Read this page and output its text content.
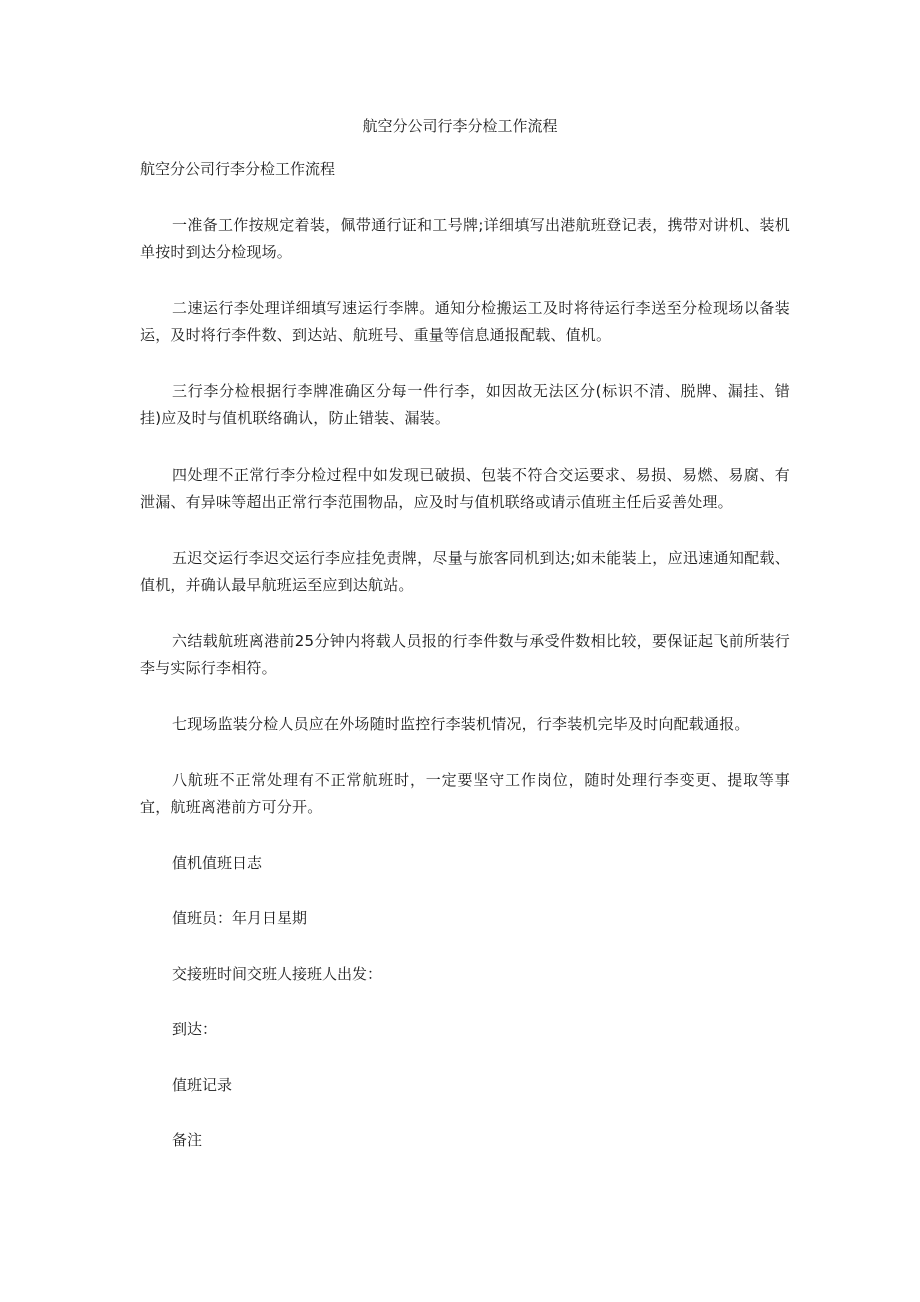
航空分公司行李分检工作流程
航空分公司行李分检工作流程

一准备工作按规定着装，佩带通行证和工号牌;详细填写出港航班登记表，携带对讲机、装机单按时到达分检现场。

二速运行李处理详细填写速运行李牌。通知分检搬运工及时将待运行李送至分检现场以备装运，及时将行李件数、到达站、航班号、重量等信息通报配载、值机。

三行李分检根据行李牌准确区分每一件行李，如因故无法区分(标识不清、脱牌、漏挂、错挂)应及时与值机联络确认，防止错装、漏装。

四处理不正常行李分检过程中如发现已破损、包装不符合交运要求、易损、易燃、易腐、有泄漏、有异味等超出正常行李范围物品，应及时与值机联络或请示值班主任后妥善处理。

五迟交运行李迟交运行李应挂免责牌，尽量与旅客同机到达;如未能装上，应迅速通知配载、值机，并确认最早航班运至应到达航站。

六结载航班离港前25分钟内将载人员报的行李件数与承受件数相比较，要保证起飞前所装行李与实际行李相符。

七现场监装分检人员应在外场随时监控行李装机情况，行李装机完毕及时向配载通报。

八航班不正常处理有不正常航班时，一定要坚守工作岗位，随时处理行李变更、提取等事宜，航班离港前方可分开。

值机值班日志
值班员：年月日星期
交接班时间交班人接班人出发：
到达：
值班记录
备注
